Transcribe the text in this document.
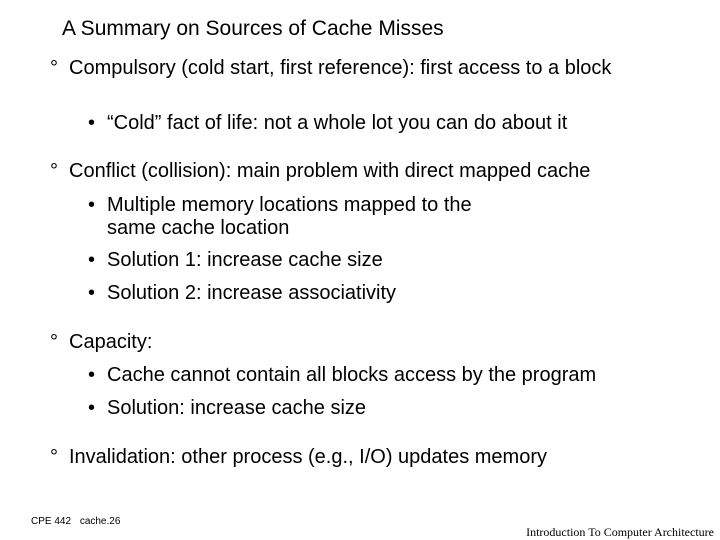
A Summary on Sources of Cache Misses
° Compulsory (cold start, first reference): first access to a block
• “Cold” fact of life: not a whole lot you can do about it
° Conflict (collision): main problem with direct mapped cache
• Multiple memory locations mapped to the same cache location
• Solution 1: increase cache size
• Solution 2: increase associativity
° Capacity:
• Cache cannot contain all blocks access by the program
• Solution: increase cache size
° Invalidation: other process (e.g., I/O) updates memory
CPE 442 cache.26
Introduction To Computer Architecture
